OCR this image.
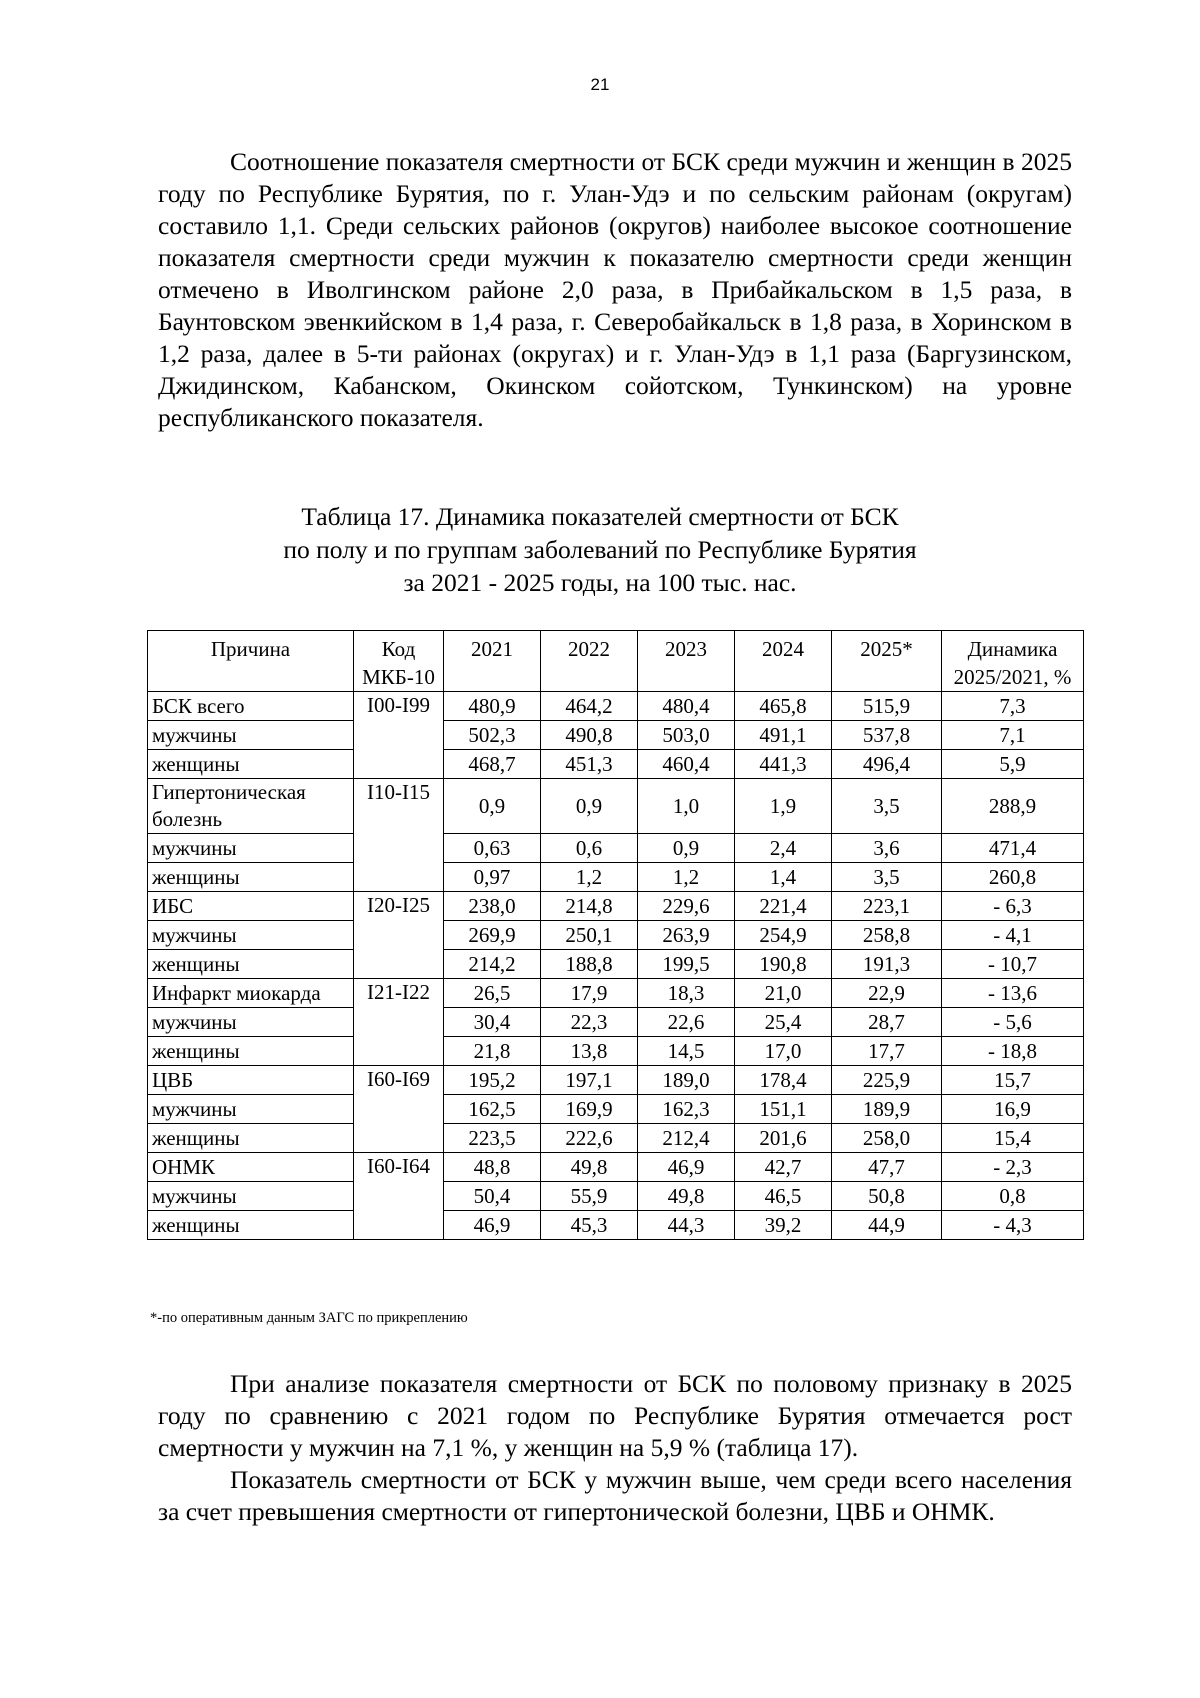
21

Соотношение показателя смертности от БСК среди мужчин и женщин в 2025 году по Республике Бурятия, по г. Улан-Удэ и по сельским районам (округам) составило 1,1. Среди сельских районов (округов) наиболее высокое соотношение показателя смертности среди мужчин к показателю смертности среди женщин отмечено в Иволгинском районе 2,0 раза, в Прибайкальском в 1,5 раза, в Баунтовском эвенкийском в 1,4 раза, г. Северобайкальск в 1,8 раза, в Хоринском в 1,2 раза, далее в 5-ти районах (округах) и г. Улан-Удэ в 1,1 раза (Баргузинском, Джидинском, Кабанском, Окинском сойотском, Тункинском) на уровне республиканского показателя.

Таблица 17. Динамика показателей смертности от БСК
по полу и по группам заболеваний по Республике Бурятия
за 2021 - 2025 годы, на 100 тыс. нас.
Причина	Код МКБ-10	2021	2022	2023	2024	2025*	Динамика 2025/2021, %
БСК всего	I00-I99	480,9	464,2	480,4	465,8	515,9	7,3
мужчины		502,3	490,8	503,0	491,1	537,8	7,1
женщины		468,7	451,3	460,4	441,3	496,4	5,9
Гипертоническая болезнь	I10-I15	0,9	0,9	1,0	1,9	3,5	288,9
мужчины		0,63	0,6	0,9	2,4	3,6	471,4
женщины		0,97	1,2	1,2	1,4	3,5	260,8
ИБС	I20-I25	238,0	214,8	229,6	221,4	223,1	- 6,3
мужчины		269,9	250,1	263,9	254,9	258,8	- 4,1
женщины		214,2	188,8	199,5	190,8	191,3	- 10,7
Инфаркт миокарда	I21-I22	26,5	17,9	18,3	21,0	22,9	- 13,6
мужчины		30,4	22,3	22,6	25,4	28,7	- 5,6
женщины		21,8	13,8	14,5	17,0	17,7	- 18,8
ЦВБ	I60-I69	195,2	197,1	189,0	178,4	225,9	15,7
мужчины		162,5	169,9	162,3	151,1	189,9	16,9
женщины		223,5	222,6	212,4	201,6	258,0	15,4
ОНМК	I60-I64	48,8	49,8	46,9	42,7	47,7	- 2,3
мужчины		50,4	55,9	49,8	46,5	50,8	0,8
женщины		46,9	45,3	44,3	39,2	44,9	- 4,3

*-по оперативным данным ЗАГС по прикреплению

При анализе показателя смертности от БСК по половому признаку в 2025 году по сравнению с 2021 годом по Республике Бурятия отмечается рост смертности у мужчин на 7,1 %, у женщин на 5,9 % (таблица 17).

Показатель смертности от БСК у мужчин выше, чем среди всего населения за счет превышения смертности от гипертонической болезни, ЦВБ и ОНМК.
